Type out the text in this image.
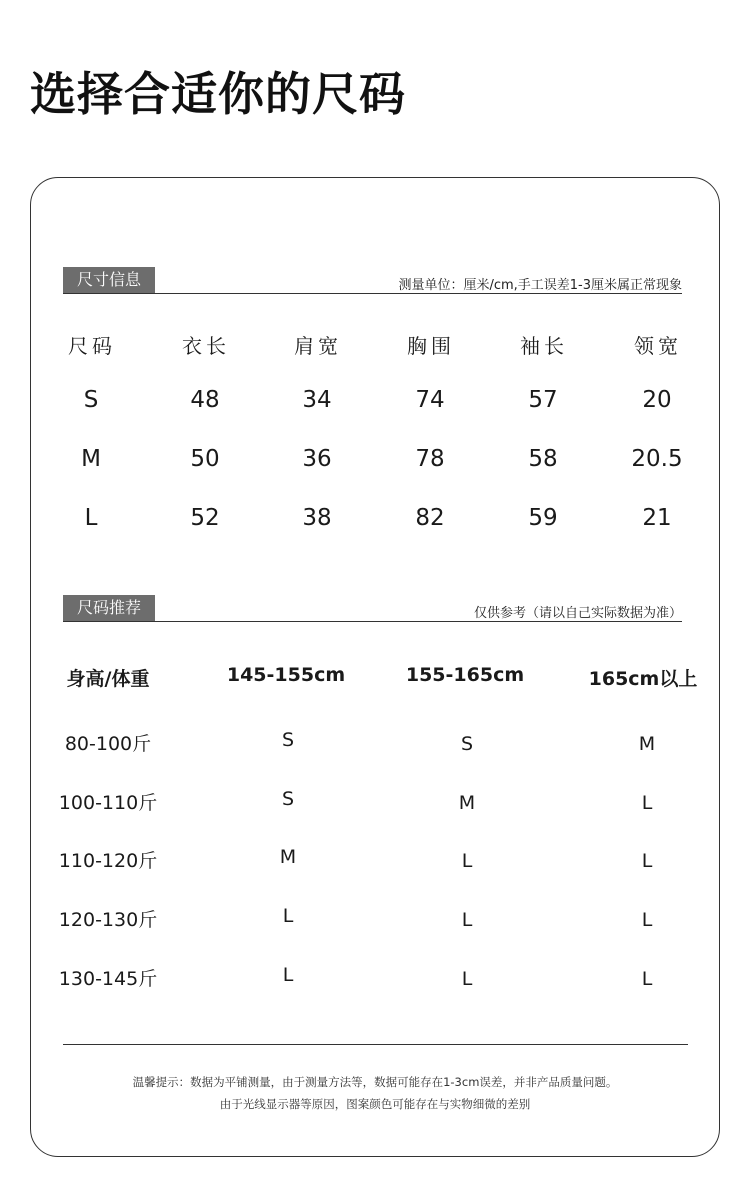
选择合适你的尺码
尺寸信息	测量单位：厘米/cm,手工误差1-3厘米属正常现象
尺码	衣长	肩宽	胸围	袖长	领宽
S	48	34	74	57	20
M	50	36	78	58	20.5
L	52	38	82	59	21
尺码推荐	仅供参考（请以自己实际数据为准）
身高/体重	145-155cm	155-165cm	165cm以上
80-100斤	S	S	M
100-110斤	S	M	L
110-120斤	M	L	L
120-130斤	L	L	L
130-145斤	L	L	L
温馨提示：数据为平铺测量，由于测量方法等，数据可能存在1-3cm误差，并非产品质量问题。
由于光线显示器等原因，图案颜色可能存在与实物细微的差别
